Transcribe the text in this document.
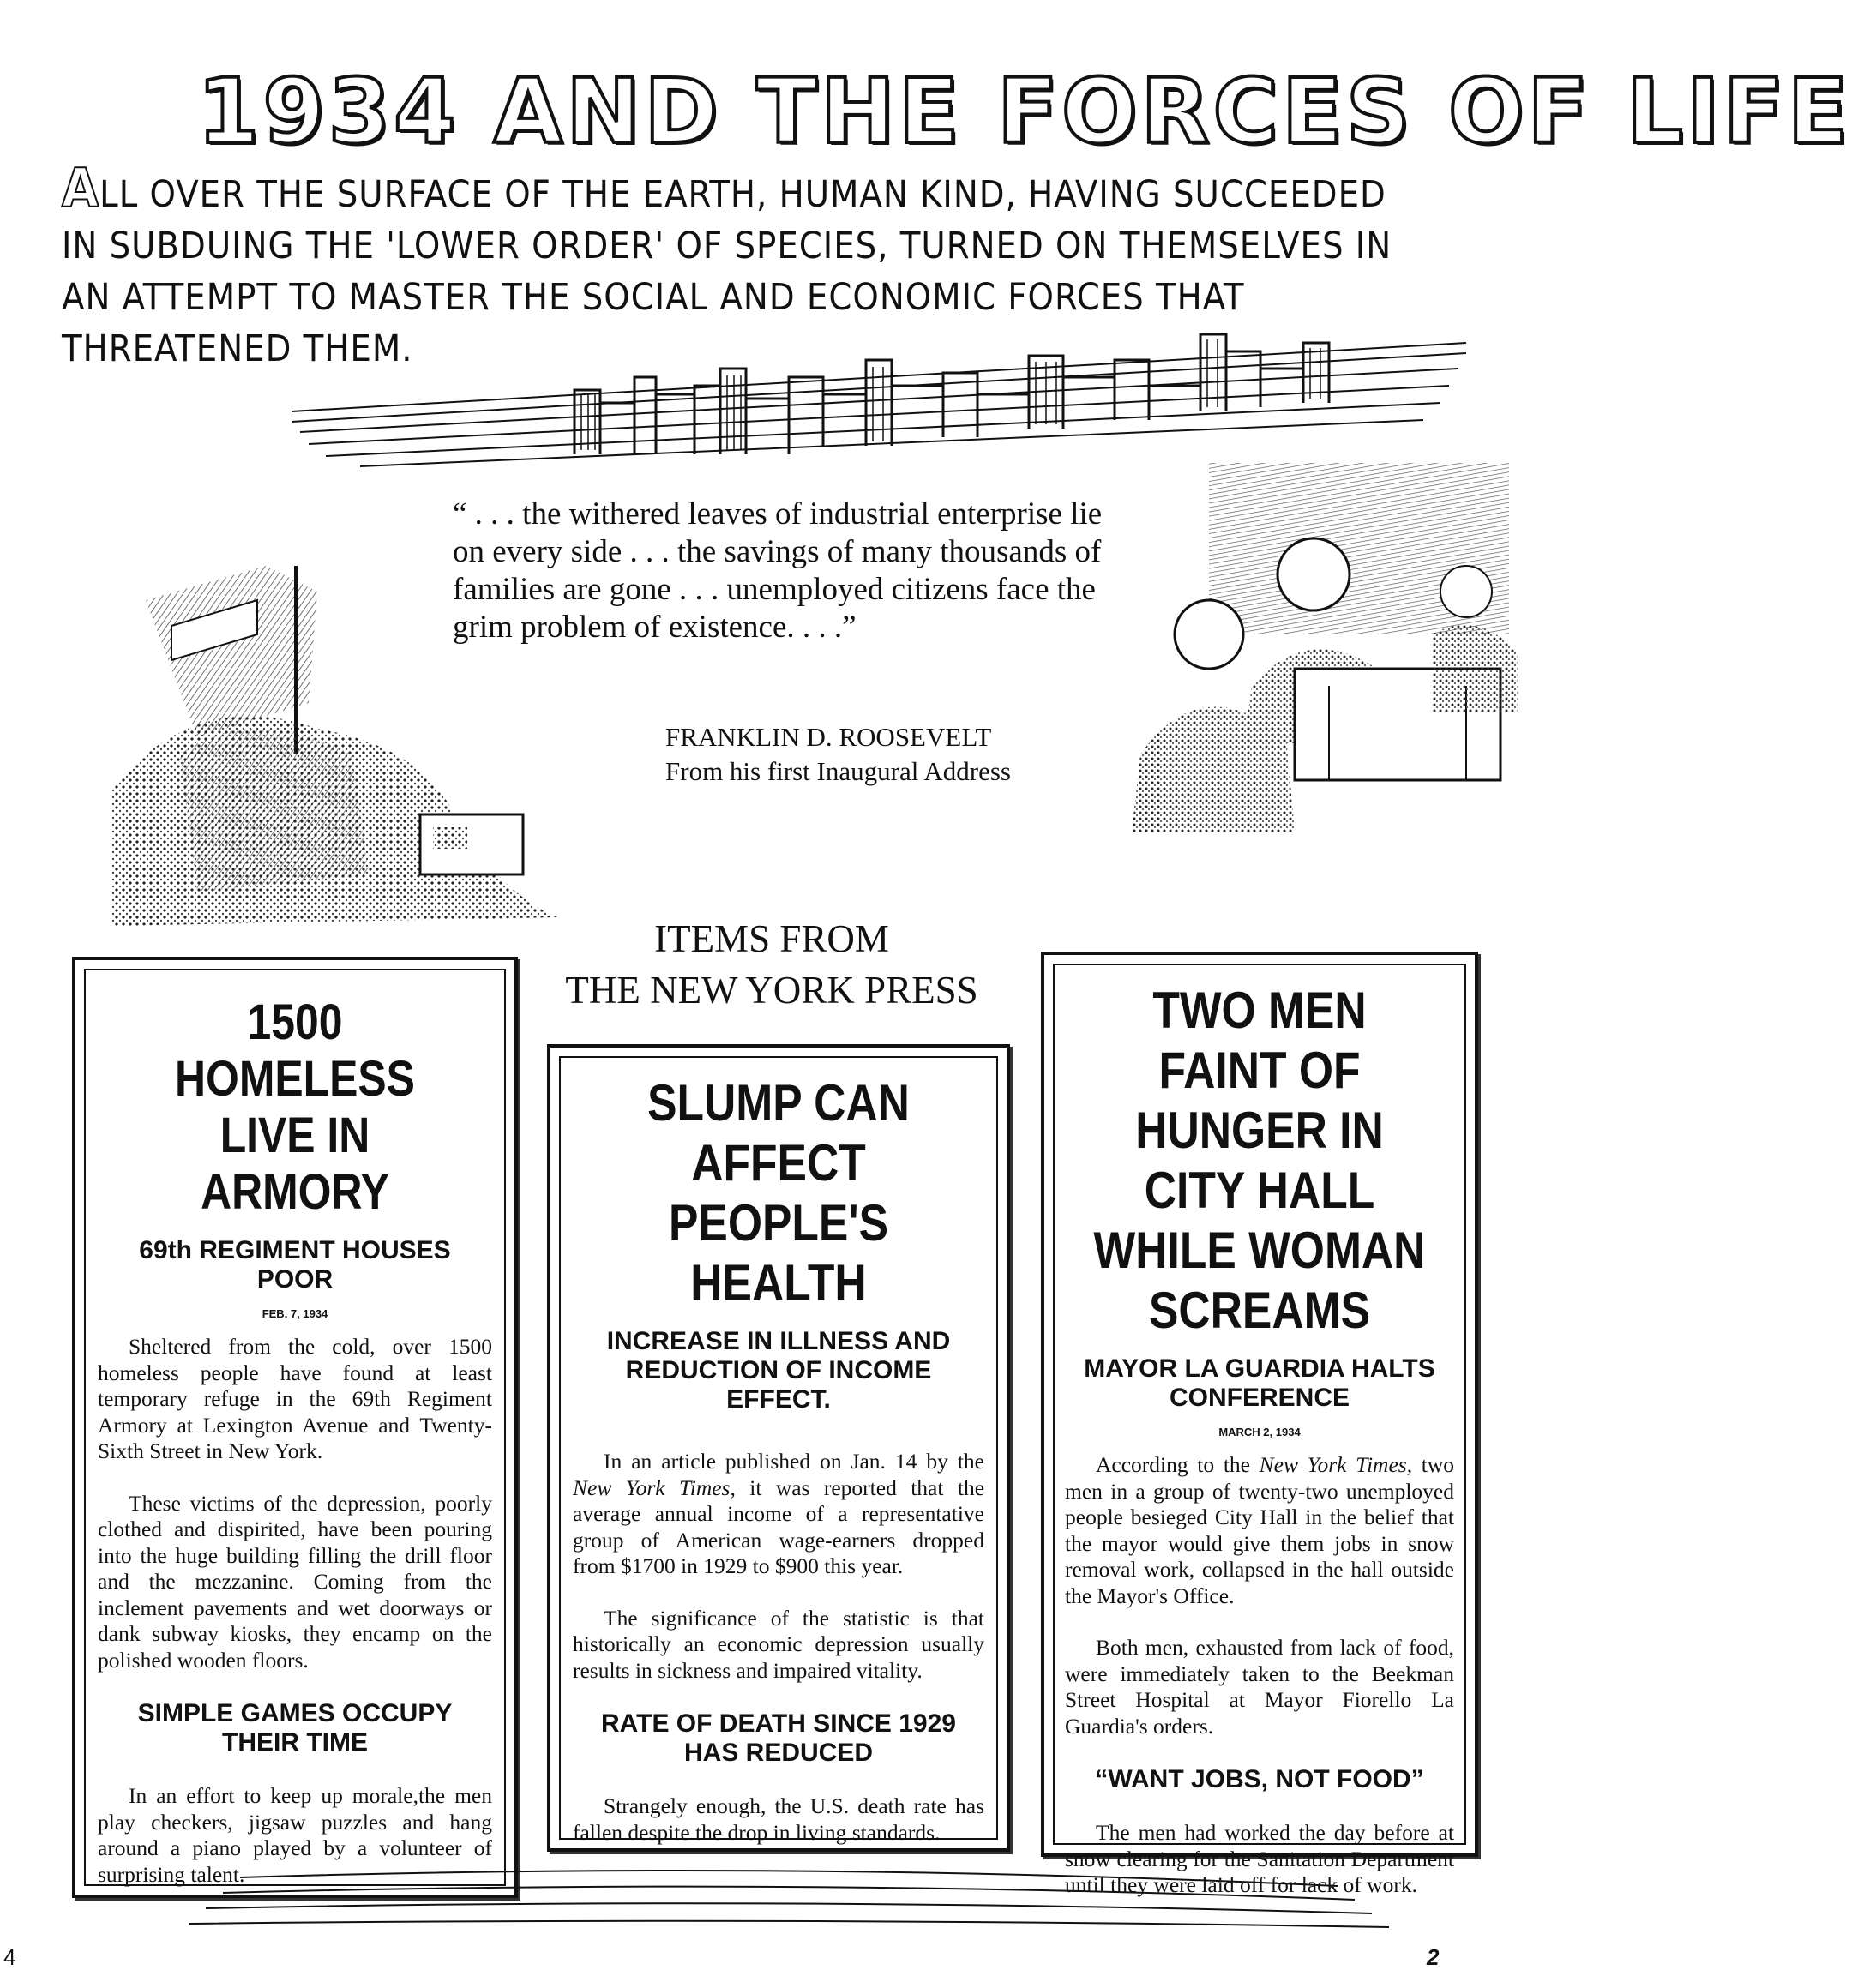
1934 AND THE FORCES OF LIFE
ALL OVER THE SURFACE OF THE EARTH, HUMAN KIND, HAVING SUCCEEDED
IN SUBDUING THE 'LOWER ORDER' OF SPECIES, TURNED ON THEMSELVES IN
AN ATTEMPT TO MASTER THE SOCIAL AND ECONOMIC FORCES THAT
THREATENED THEM.
“ . . . the withered leaves of industrial enterprise lie on every side . . . the savings of many thousands of families are gone . . . unemployed citizens face the grim problem of existence. . . .”
FRANKLIN D. ROOSEVELT
From his first Inaugural Address
ITEMS FROM
THE NEW YORK PRESS
1500 HOMELESS LIVE IN ARMORY
69th REGIMENT HOUSES POOR
FEB. 7, 1934

Sheltered from the cold, over 1500 homeless people have found at least temporary refuge in the 69th Regiment Armory at Lexington Avenue and Twenty-Sixth Street in New York.

These victims of the depression, poorly clothed and dispirited, have been pouring into the huge building filling the drill floor and the mezzanine. Coming from the inclement pavements and wet doorways or dank subway kiosks, they encamp on the polished wooden floors.

SIMPLE GAMES OCCUPY THEIR TIME

In an effort to keep up morale,the men play checkers, jigsaw puzzles and hang around a piano played by a volunteer of surprising talent.

SLUMP CAN AFFECT PEOPLE'S HEALTH
INCREASE IN ILLNESS AND REDUCTION OF INCOME EFFECT.

In an article published on Jan. 14 by the New York Times, it was reported that the average annual income of a representative group of American wage-earners dropped from $1700 in 1929 to $900 this year.

The significance of the statistic is that historically an economic depression usually results in sickness and impaired vitality.

RATE OF DEATH SINCE 1929 HAS REDUCED

Strangely enough, the U.S. death rate has fallen despite the drop in living standards.

TWO MEN FAINT OF HUNGER IN CITY HALL WHILE WOMAN SCREAMS
MAYOR LA GUARDIA HALTS CONFERENCE
MARCH 2, 1934

According to the New York Times, two men in a group of twenty-two unemployed people besieged City Hall in the belief that the mayor would give them jobs in snow removal work, collapsed in the hall outside the Mayor's Office.

Both men, exhausted from lack of food, were immediately taken to the Beekman Street Hospital at Mayor Fiorello La Guardia's orders.

“WANT JOBS, NOT FOOD”

The men had worked the day before at snow clearing for the Sanitation Department until they were laid off for lack of work.

4	2
